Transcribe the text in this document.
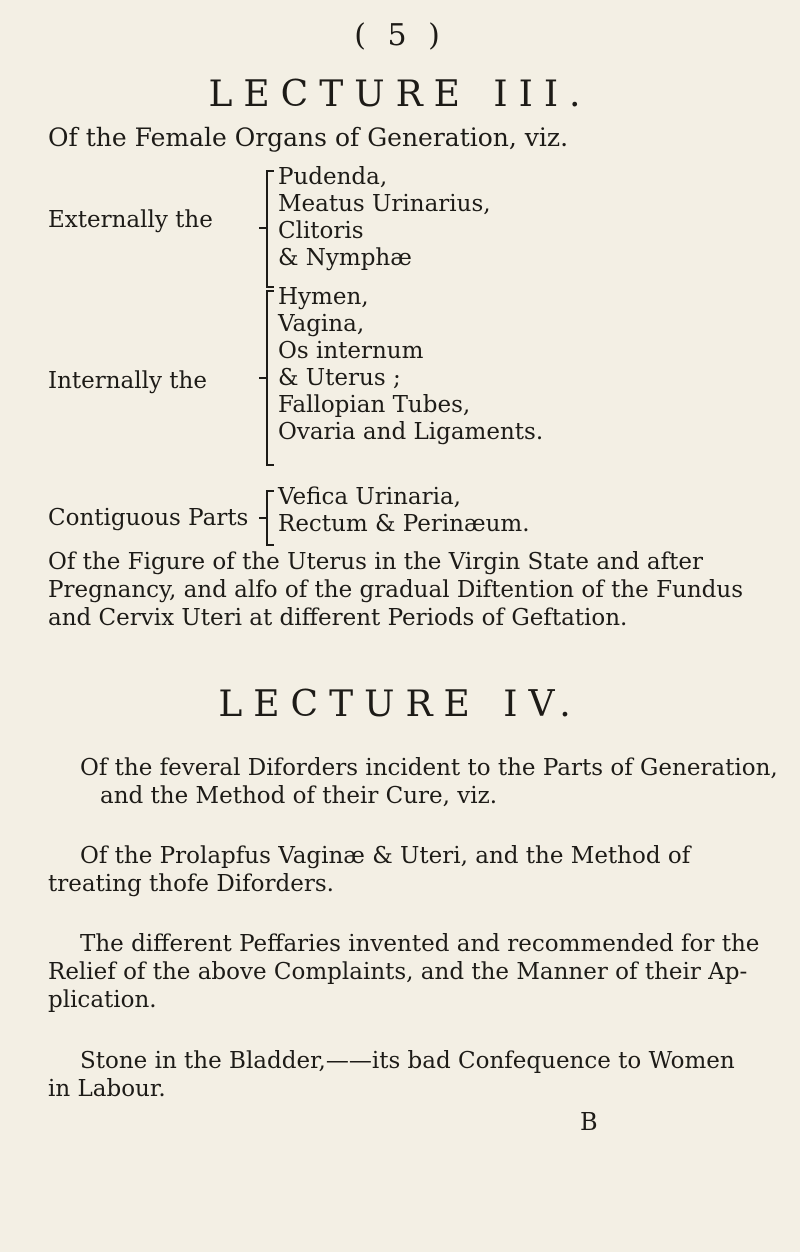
( 5 )
LECTURE III.
Of the Female Organs of Generation, viz.
Externally the
Pudenda,
Meatus Urinarius,
Clitoris
& Nymphæ
Internally the
Hymen,
Vagina,
Os internum
& Uterus ;
Fallopian Tubes,
Ovaria and Ligaments.
Contiguous Parts
Vefica Urinaria,
Rectum & Perinæum.
Of the Figure of the Uterus in the Virgin State and after
Pregnancy, and alfo of the gradual Diftention of the Fundus
and Cervix Uteri at different Periods of Geftation.
LECTURE IV.
Of the feveral Diforders incident to the Parts of Generation,
and the Method of their Cure, viz.
Of the Prolapfus Vaginæ & Uteri, and the Method of
treating thofe Diforders.
The different Peffaries invented and recommended for the
Relief of the above Complaints, and the Manner of their Ap-
plication.
Stone in the Bladder,——its bad Confequence to Women
in Labour.
B
